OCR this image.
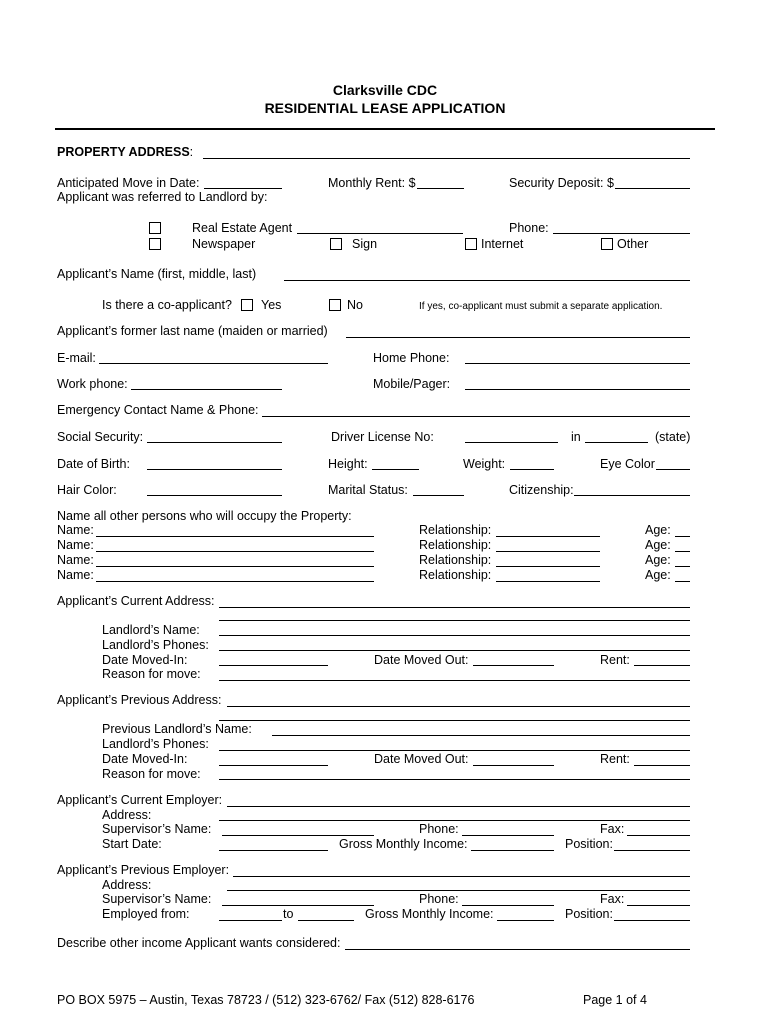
Clarksville CDC
RESIDENTIAL LEASE APPLICATION
PROPERTY ADDRESS:
Anticipated Move in Date:	Monthly Rent: $	Security Deposit: $
Applicant was referred to Landlord by:
Real Estate Agent	Phone:
Newspaper	Sign	Internet	Other
Applicant’s Name (first, middle, last)
Is there a co-applicant? Yes	No	If yes, co-applicant must submit a separate application.
Applicant’s former last name (maiden or married)
E-mail:	Home Phone:
Work phone:	Mobile/Pager:
Emergency Contact Name & Phone:
Social Security:	Driver License No:	in	(state)
Date of Birth:	Height:	Weight:	Eye Color
Hair Color:	Marital Status:	Citizenship:
Name all other persons who will occupy the Property:
Name:	Relationship:	Age:
Name:	Relationship:	Age:
Name:	Relationship:	Age:
Name:	Relationship:	Age:
Applicant’s Current Address:
Landlord’s Name:
Landlord’s Phones:
Date Moved-In:	Date Moved Out:	Rent:
Reason for move:
Applicant’s Previous Address:
Previous Landlord’s Name:
Landlord’s Phones:
Date Moved-In:	Date Moved Out:	Rent:
Reason for move:
Applicant’s Current Employer:
Address:
Supervisor’s Name:	Phone:	Fax:
Start Date:	Gross Monthly Income:	Position:
Applicant’s Previous Employer:
Address:
Supervisor’s Name:	Phone:	Fax:
Employed from:	to	Gross Monthly Income:	Position:
Describe other income Applicant wants considered:
PO BOX 5975 – Austin, Texas 78723 / (512) 323-6762/ Fax (512) 828-6176	Page 1 of 4
